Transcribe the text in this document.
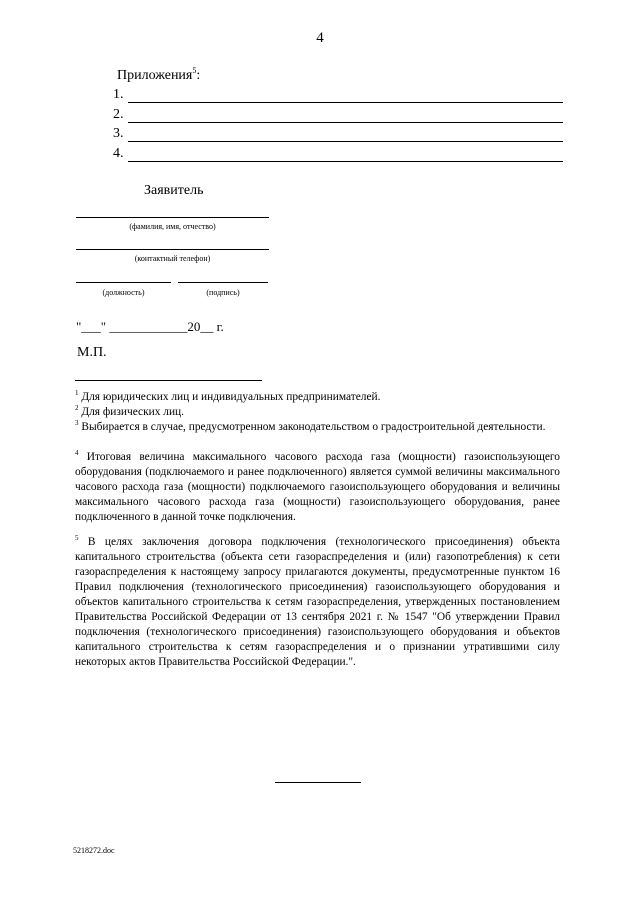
4
Приложения$^5$:
1.
2.
3.
4.
Заявитель
(фамилия, имя, отчество)
(контактный телефон)
(должность)	(подпись)
"___" ____________20__ г.
М.П.
$^1$ Для юридических лиц и индивидуальных предпринимателей.
$^2$ Для физических лиц.
$^3$ Выбирается в случае, предусмотренном законодательством о градостроительной деятельности.
$^4$ Итоговая величина максимального часового расхода газа (мощности) газоиспользующего оборудования (подключаемого и ранее подключенного) является суммой величины максимального часового расхода газа (мощности) подключаемого газоиспользующего оборудования и величины максимального часового расхода газа (мощности) газоиспользующего оборудования, ранее подключенного в данной точке подключения.
$^5$ В целях заключения договора подключения (технологического присоединения) объекта капитального строительства (объекта сети газораспределения и (или) газопотребления) к сети газораспределения к настоящему запросу прилагаются документы, предусмотренные пунктом 16 Правил подключения (технологического присоединения) газоиспользующего оборудования и объектов капитального строительства к сетям газораспределения, утвержденных постановлением Правительства Российской Федерации от 13 сентября 2021 г. № 1547 "Об утверждении Правил подключения (технологического присоединения) газоиспользующего оборудования и объектов капитального строительства к сетям газораспределения и о признании утратившими силу некоторых актов Правительства Российской Федерации.".
5218272.doc
